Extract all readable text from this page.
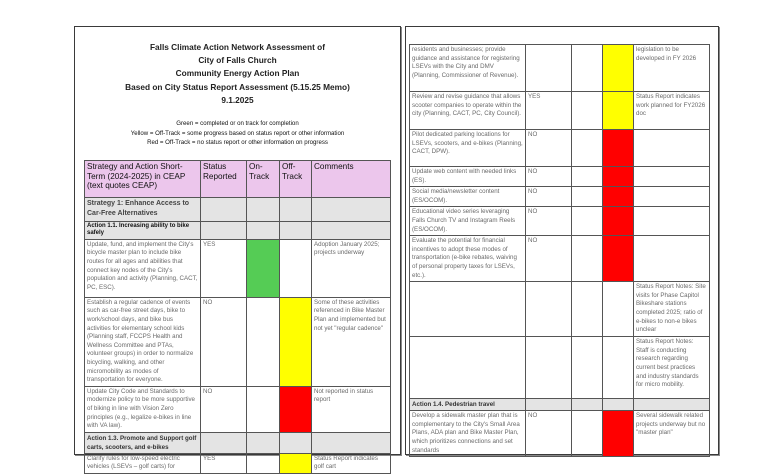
Falls Climate Action Network Assessment of
City of Falls Church
Community Energy Action Plan
Based on City Status Report Assessment (5.15.25 Memo)
9.1.2025
Green = completed or on track for completion
Yellow = Off-Track = some progress based on status report or other information
Red = Off-Track = no status report or other information on progress
Strategy and Action Short-Term (2024-2025) in CEAP (text quotes CEAP)	Status Reported	On-Track	Off-Track	Comments
Strategy 1: Enhance Access to Car-Free Alternatives				
Action 1.1. Increasing ability to bike safely				
Update, fund, and implement the City's bicycle master plan to include bike routes for all ages and abilities that connect key nodes of the City's population and activity (Planning, CACT, PC, ESC).	YES			Adoption January 2025; projects underway
Establish a regular cadence of events such as car-free street days, bike to work/school days, and bike bus activities for elementary school kids (Planning staff, FCCPS Health and Wellness Committee and PTAs, volunteer groups) in order to normalize bicycling, walking, and other micromobility as modes of transportation for everyone.	NO			Some of these activities referenced in Bike Master Plan and implemented but not yet "regular cadence"
Update City Code and Standards to modernize policy to be more supportive of biking in line with Vision Zero principles (e.g., legalize e-bikes in line with VA law).	NO			Not reported in status report
Action 1.3. Promote and Support golf carts, scooters, and e-bikes				
Clarify rules for low-speed electric vehicles (LSEVs – golf carts) for	YES			Status Report indicates golf cart
residents and businesses; provide guidance and assistance for registering LSEVs with the City and DMV (Planning, Commissioner of Revenue).				legislation to be developed in FY 2026
Review and revise guidance that allows scooter companies to operate within the city (Planning, CACT, PC, City Council).	YES			Status Report indicates work planned for FY2026 doc
Pilot dedicated parking locations for LSEVs, scooters, and e-bikes (Planning, CACT, DPW).	NO			
Update web content with needed links (ES).	NO			
Social media/newsletter content (ES/OCOM).	NO			
Educational video series leveraging Falls Church TV and Instagram Reels (ES/OCOM).	NO			
Evaluate the potential for financial incentives to adopt these modes of transportation (e-bike rebates, waiving of personal property taxes for LSEVs, etc.).	NO			
				Status Report Notes: Site visits for Phase Capitol Bikeshare stations completed 2025; ratio of e-bikes to non-e bikes unclear
				Status Report Notes: Staff is conducting research regarding current best practices and industry standards for micro mobility.
Action 1.4. Pedestrian travel				
Develop a sidewalk master plan that is complementary to the City's Small Area Plans, ADA plan and Bike Master Plan, which prioritizes connections and set standards	NO			Several sidewalk related projects underway but no "master plan"
